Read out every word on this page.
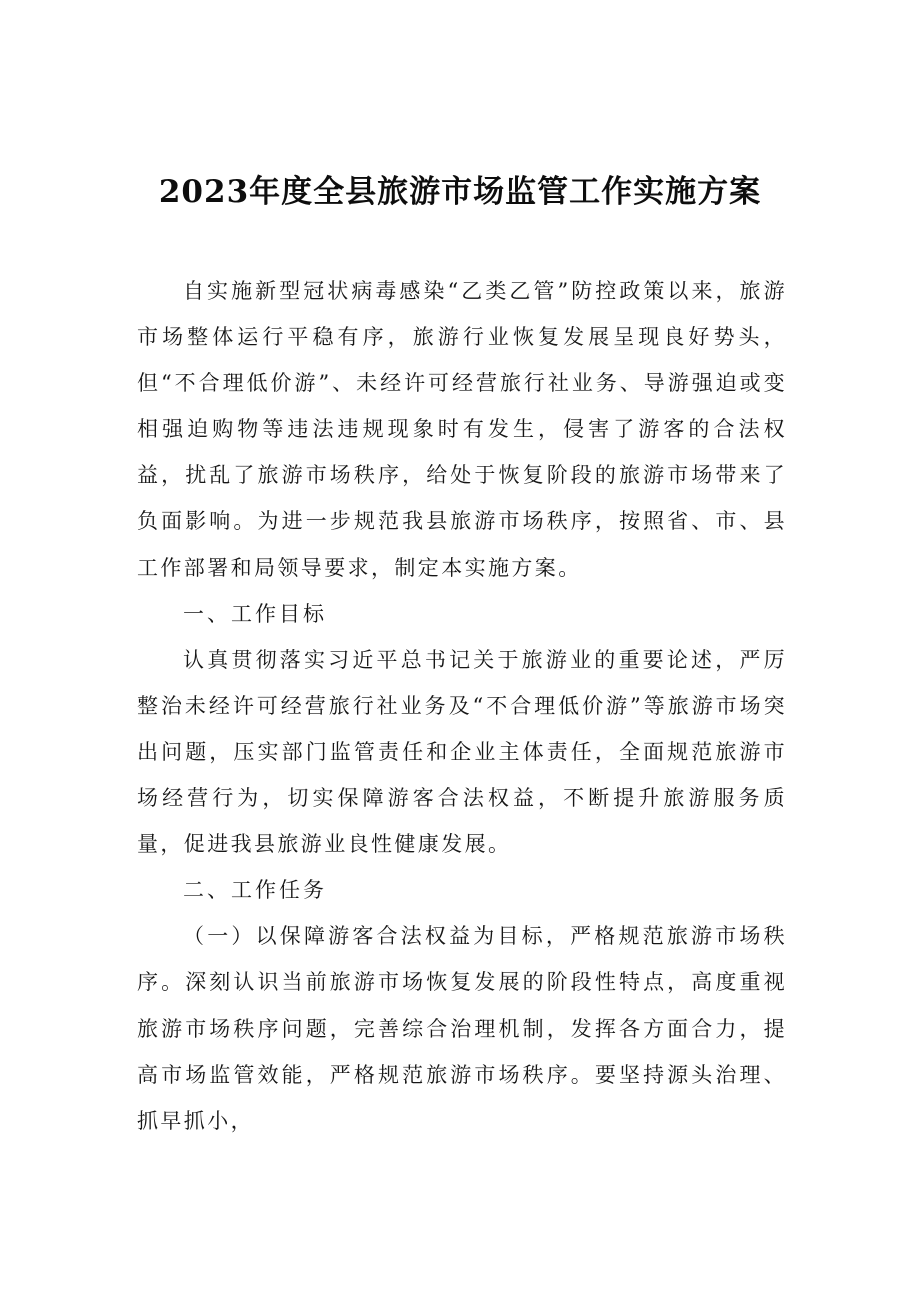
2023年度全县旅游市场监管工作实施方案

自实施新型冠状病毒感染“乙类乙管”防控政策以来，旅游市场整体运行平稳有序，旅游行业恢复发展呈现良好势头，但“不合理低价游”、未经许可经营旅行社业务、导游强迫或变相强迫购物等违法违规现象时有发生，侵害了游客的合法权益，扰乱了旅游市场秩序，给处于恢复阶段的旅游市场带来了负面影响。为进一步规范我县旅游市场秩序，按照省、市、县工作部署和局领导要求，制定本实施方案。

一、工作目标

认真贯彻落实习近平总书记关于旅游业的重要论述，严厉整治未经许可经营旅行社业务及“不合理低价游”等旅游市场突出问题，压实部门监管责任和企业主体责任，全面规范旅游市场经营行为，切实保障游客合法权益，不断提升旅游服务质量，促进我县旅游业良性健康发展。

二、工作任务

（一）以保障游客合法权益为目标，严格规范旅游市场秩序。深刻认识当前旅游市场恢复发展的阶段性特点，高度重视旅游市场秩序问题，完善综合治理机制，发挥各方面合力，提高市场监管效能，严格规范旅游市场秩序。要坚持源头治理、抓早抓小，
